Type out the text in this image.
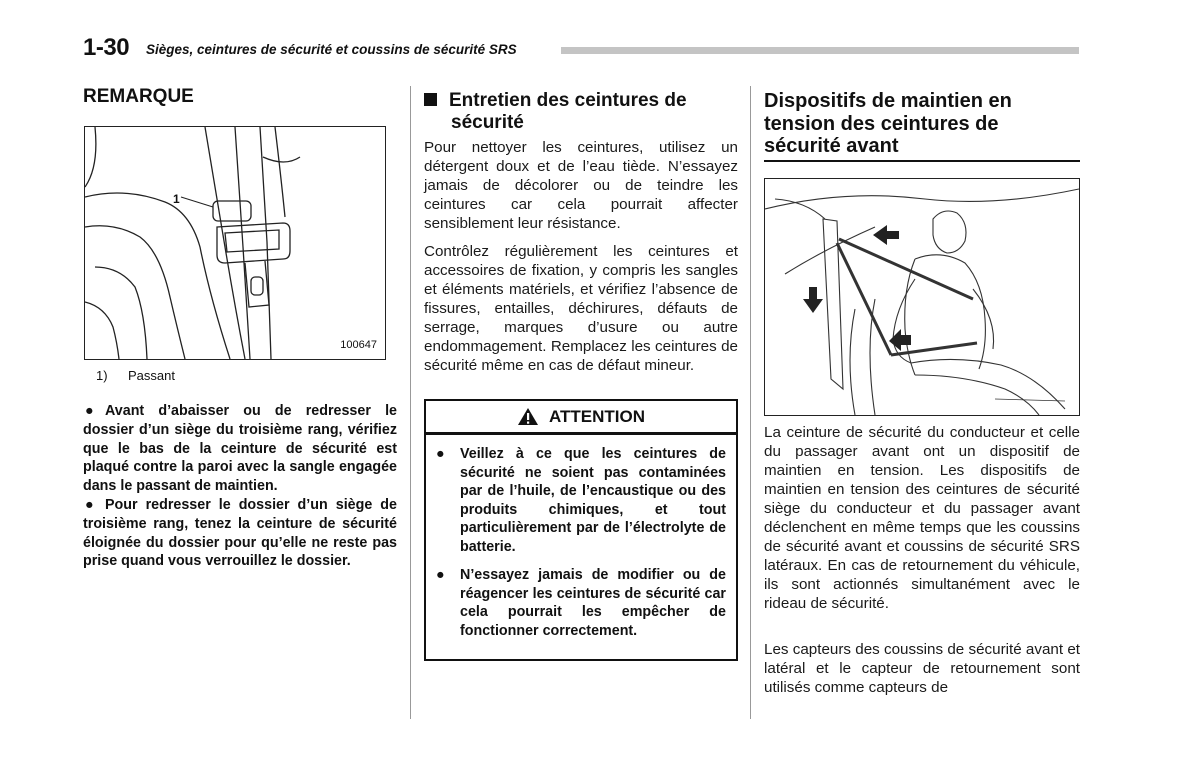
1-30 Sièges, ceintures de sécurité et coussins de sécurité SRS
REMARQUE
1
100647
1) Passant

● Avant d’abaisser ou de redresser le dossier d’un siège du troisième rang, vérifiez que le bas de la ceinture de sécurité est plaqué contre la paroi avec la sangle engagée dans le passant de maintien.

● Pour redresser le dossier d’un siège de troisième rang, tenez la ceinture de sécurité éloignée du dossier pour qu’elle ne reste pas prise quand vous verrouillez le dossier.

Entretien des ceintures de
sécurité

Pour nettoyer les ceintures, utilisez un détergent doux et de l’eau tiède. N’essayez jamais de décolorer ou de teindre les ceintures car cela pourrait affecter sensiblement leur résistance.

Contrôlez régulièrement les ceintures et accessoires de fixation, y compris les sangles et éléments matériels, et vérifiez l’absence de fissures, entailles, déchirures, défauts de serrage, marques d’usure ou autre endommagement. Remplacez les ceintures de sécurité même en cas de défaut mineur.

ATTENTION
● Veillez à ce que les ceintures de sécurité ne soient pas contaminées par de l’huile, de l’encaustique ou des produits chimiques, et tout particulièrement par de l’électrolyte de batterie.
● N’essayez jamais de modifier ou de réagencer les ceintures de sécurité car cela pourrait les empêcher de fonctionner correctement.
Dispositifs de maintien en tension des ceintures de sécurité avant

La ceinture de sécurité du conducteur et celle du passager avant ont un dispositif de maintien en tension. Les dispositifs de maintien en tension des ceintures de sécurité siège du conducteur et du passager avant déclenchent en même temps que les coussins de sécurité avant et coussins de sécurité SRS latéraux. En cas de retournement du véhicule, ils sont actionnés simultanément avec le rideau de sécurité.

Les capteurs des coussins de sécurité avant et latéral et le capteur de retournement sont utilisés comme capteurs de
